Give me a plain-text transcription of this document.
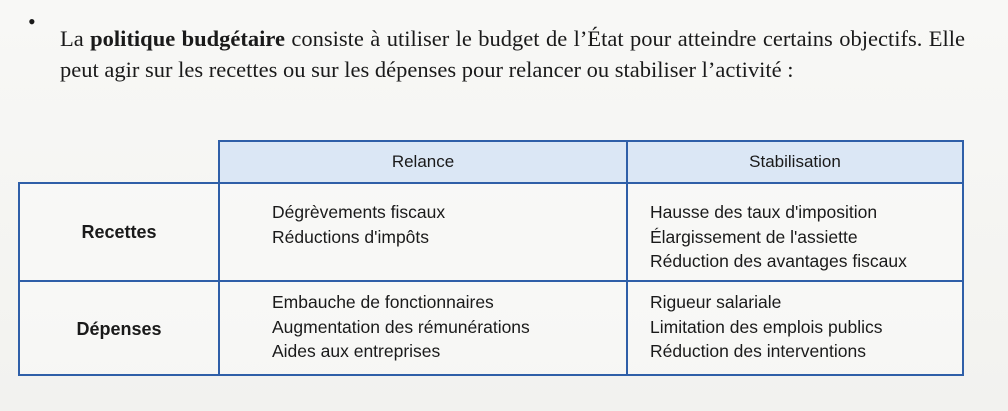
•

La politique budgétaire consiste à utiliser le budget de l’État pour atteindre certains objectifs. Elle peut agir sur les recettes ou sur les dépenses pour relancer ou stabiliser l’activité :

Relance	Stabilisation
Recettes
Dépenses
Dégrèvements fiscaux
Réductions d'impôts
Hausse des taux d'imposition
Élargissement de l'assiette
Réduction des avantages fiscaux
Embauche de fonctionnaires
Augmentation des rémunérations
Aides aux entreprises
Rigueur salariale
Limitation des emplois publics
Réduction des interventions
